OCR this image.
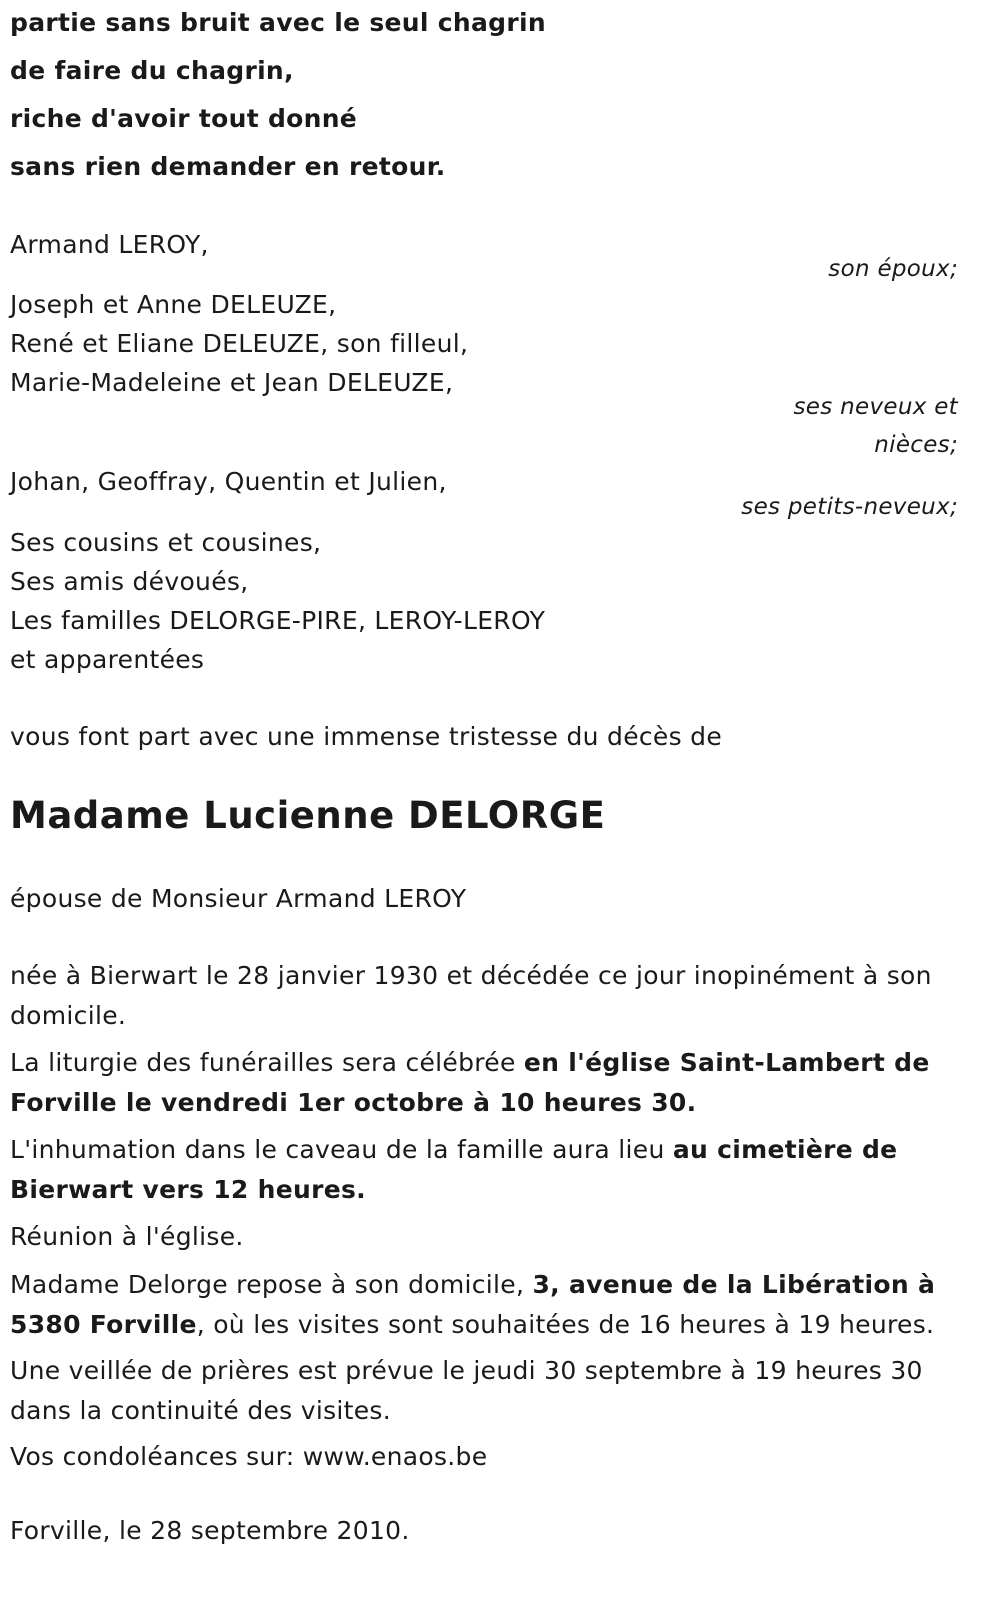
partie sans bruit avec le seul chagrin
de faire du chagrin,
riche d'avoir tout donné
sans rien demander en retour.
Armand LEROY,
son époux;
Joseph et Anne DELEUZE,
René et Eliane DELEUZE, son filleul,
Marie-Madeleine et Jean DELEUZE,
ses neveux et
nièces;
Johan, Geoffray, Quentin et Julien,
ses petits-neveux;
Ses cousins et cousines,
Ses amis dévoués,
Les familles DELORGE-PIRE, LEROY-LEROY
et apparentées
vous font part avec une immense tristesse du décès de
Madame Lucienne DELORGE
épouse de Monsieur Armand LEROY
née à Bierwart le 28 janvier 1930 et décédée ce jour inopinément à son domicile.
La liturgie des funérailles sera célébrée en l'église Saint-Lambert de Forville le vendredi 1er octobre à 10 heures 30.
L'inhumation dans le caveau de la famille aura lieu au cimetière de Bierwart vers 12 heures.
Réunion à l'église.
Madame Delorge repose à son domicile, 3, avenue de la Libération à 5380 Forville, où les visites sont souhaitées de 16 heures à 19 heures.
Une veillée de prières est prévue le jeudi 30 septembre à 19 heures 30 dans la continuité des visites.
Vos condoléances sur: www.enaos.be
Forville, le 28 septembre 2010.
